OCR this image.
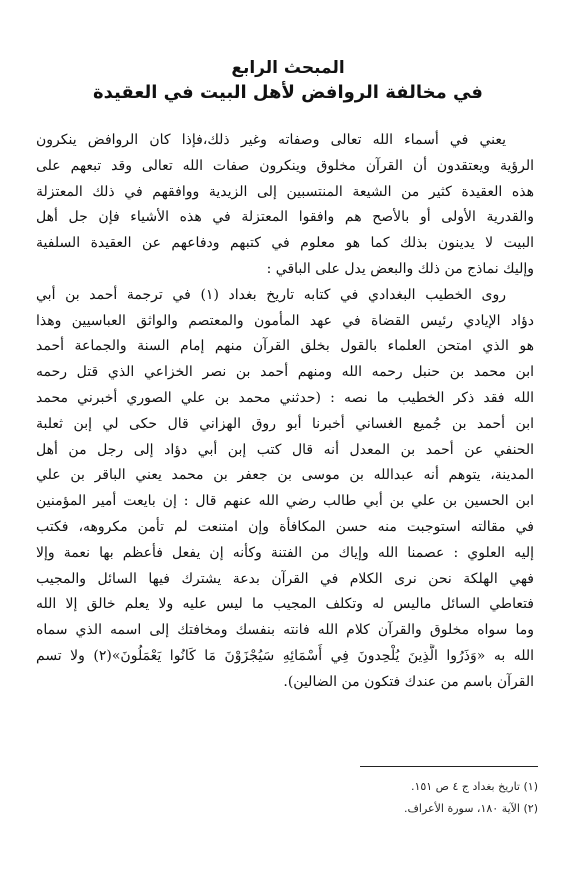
المبحث الرابع
في مخالفة الروافض لأهل البيت في العقيدة
يعني في أسماء الله تعالى وصفاته وغير ذلك،فإذا كان الروافض ينكرون
الرؤية ويعتقدون أن القرآن مخلوق وينكرون صفات الله تعالى وقد تبعهم على
هذه العقيدة كثير من الشيعة المنتسبين إلى الزيدية ووافقهم في ذلك المعتزلة
والقدرية الأولى أو بالأصح هم وافقوا المعتزلة في هذه الأشياء فإن جل أهل
البيت لا يدينون بذلك كما هو معلوم في كتبهم ودفاعهم عن العقيدة السلفية
وإليك نماذج من ذلك والبعض يدل على الباقي :
روى الخطيب البغدادي في كتابه تاريخ بغداد (١) في ترجمة أحمد بن أبي
دؤاد الإيادي رئيس القضاة في عهد المأمون والمعتصم والواثق العباسيين وهذا
هو الذي امتحن العلماء بالقول بخلق القرآن منهم إمام السنة والجماعة أحمد
ابن محمد بن حنبل رحمه الله ومنهم أحمد بن نصر الخزاعي الذي قتل رحمه
الله فقد ذكر الخطيب ما نصه : (حدثني محمد بن علي الصوري أخبرني محمد
ابن أحمد بن جُميع الغساني أخبرنا أبو روق الهزاني قال حكى لي إبن ثعلبة
الحنفي عن أحمد بن المعدل أنه قال كتب إبن أبي دؤاد إلى رجل من أهل
المدينة، يتوهم أنه عبدالله بن موسى بن جعفر بن محمد يعني الباقر بن علي
ابن الحسين بن علي بن أبي طالب رضي الله عنهم قال : إن بايعت أمير المؤمنين
في مقالته استوجبت منه حسن المكافأة وإن امتنعت لم تأمن مكروهه، فكتب
إليه العلوي : عصمنا الله وإياك من الفتنة وكأنه إن يفعل فأعظم بها نعمة وإلا
فهي الهلكة نحن نرى الكلام في القرآن بدعة يشترك فيها السائل والمجيب
فتعاطي السائل ماليس له وتكلف المجيب ما ليس عليه ولا يعلم خالق إلا الله
وما سواه مخلوق والقرآن كلام الله فانته بنفسك ومخافتك إلى اسمه الذي سماه
الله به «وَذَرُوا الَّذِينَ يُلْحِدونَ فِي أَسْمَائِهِ سَيُجْزَوْنَ مَا كَانُوا يَعْمَلُونَ»(٢) ولا تسم
القرآن باسم من عندك فتكون من الضالين).
(١) تاريخ بغداد ج ٤ ص ١٥١.
(٢) الآية ١٨٠، سورة الأعراف.
